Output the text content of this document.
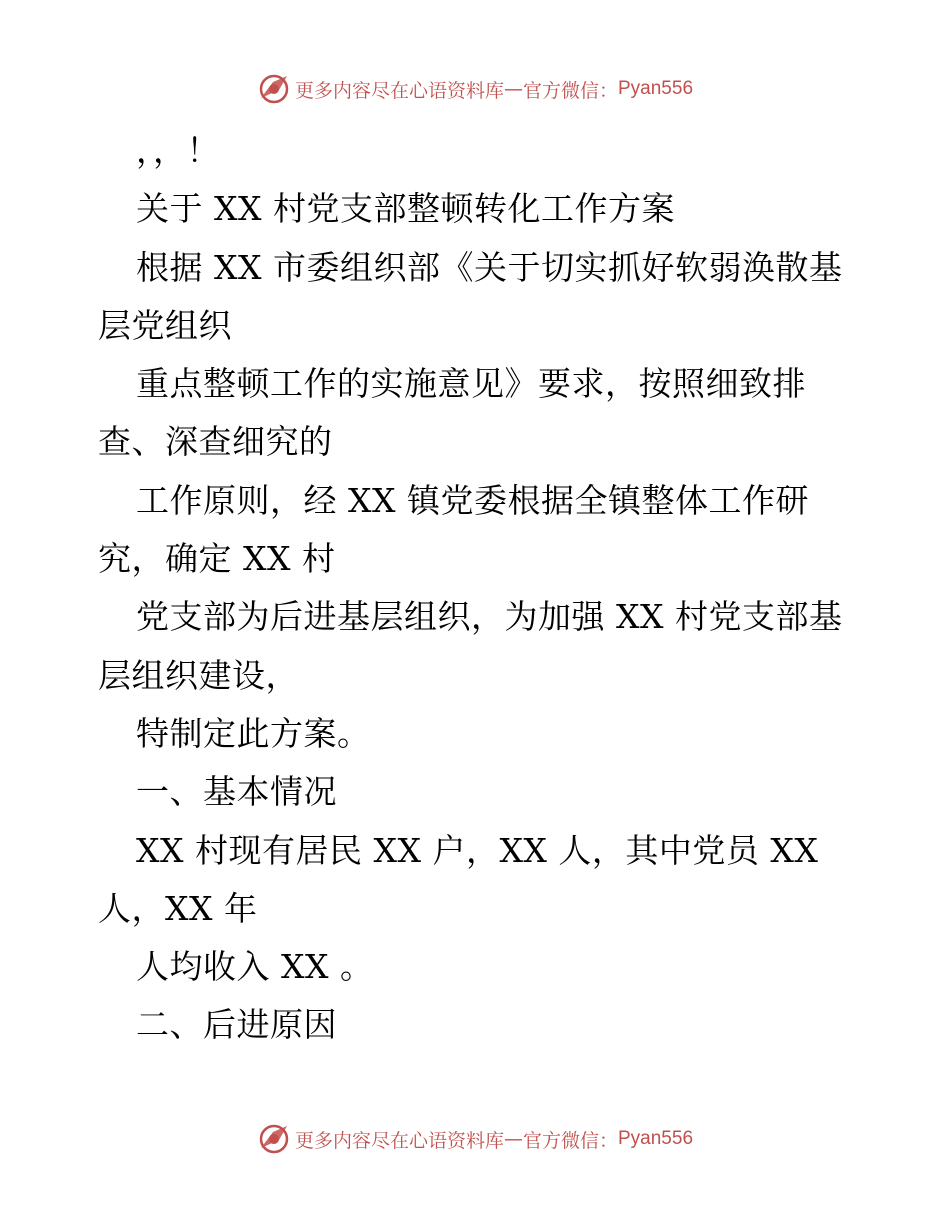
更多内容尽在心语资料库 — 官方微信： Pyan556
，，！
关于 XX 村党支部整顿转化工作方案
根据 XX 市委组织部《关于切实抓好软弱涣散基
层党组织
重点整顿工作的实施意见》要求，按照细致排
查、深查细究的
工作原则，经 XX 镇党委根据全镇整体工作研
究，确定 XX 村
党支部为后进基层组织，为加强 XX 村党支部基
层组织建设，
特制定此方案。
一、基本情况
XX 村现有居民 XX 户，XX 人，其中党员 XX
人，XX 年
人均收入 XX 。
二、后进原因
更多内容尽在心语资料库 — 官方微信： Pyan556
